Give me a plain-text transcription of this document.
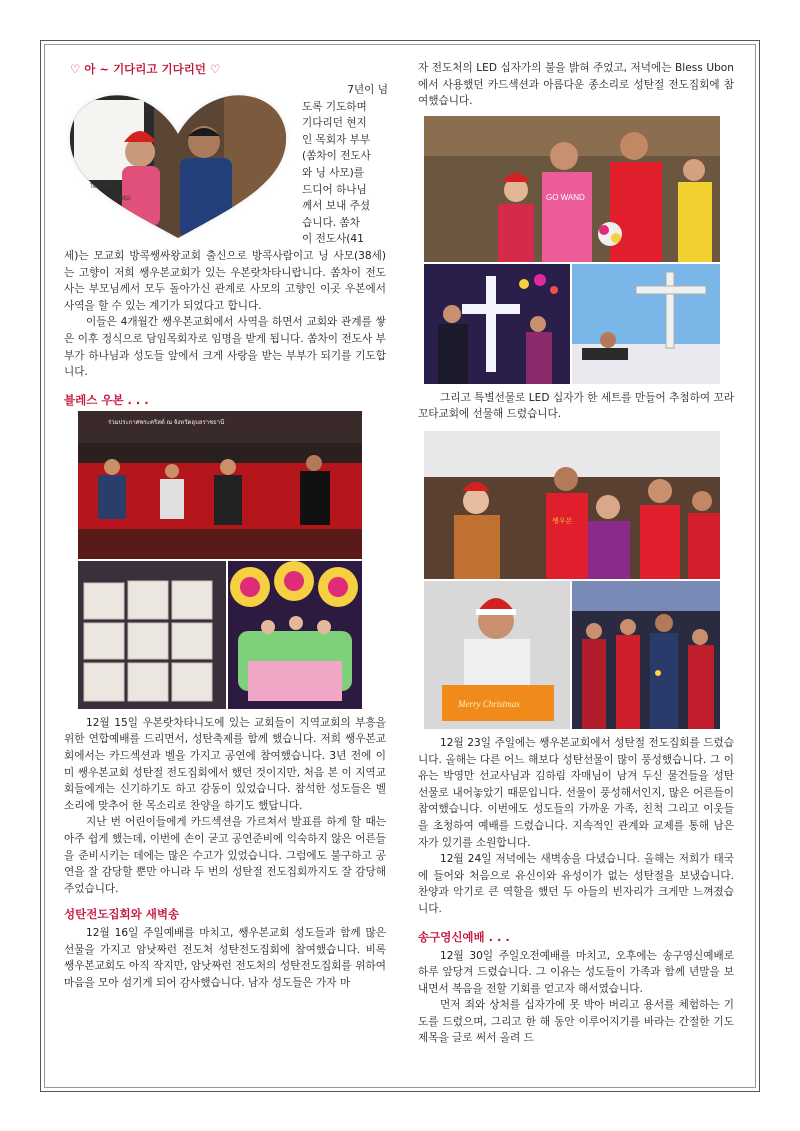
♡ 아 ~ 기다리고 기다리던 ♡

Tel. 085-1
082-
7년이 넘
도록 기도하며
기다리던 현지
인 목회자 부부
(쏨차이 전도사
와 닝 사모)를
드디어 하나님
께서 보내 주셨
습니다. 쏨차
이 전도사(41

세)는 모교회 방콕쌩싸왕교회 출신으로 방콕사람이고 닝 사모(38세)는 고향이 저희 쌩우본교회가 있는 우본랏차타니랍니다. 쏨차이 전도사는 부모님께서 모두 돌아가신 관계로 사모의 고향인 이곳 우본에서 사역을 할 수 있는 계기가 되었다고 합니다.

이들은 4개월간 쌩우본교회에서 사역을 하면서 교회와 관계를 쌓은 이후 정식으로 담임목회자로 임명을 받게 됩니다. 쏨차이 전도사 부부가 하나님과 성도들 앞에서 크게 사랑을 받는 부부가 되기를 기도합니다.

블레스 우본 . . .

ร่วมประกาศพระคริสต์ ณ จังหวัดอุบลราชธานี

12월 15일 우본랏차타니도에 있는 교회들이 지역교회의 부흥을 위한 연합예배를 드리면서, 성탄축제를 함께 했습니다. 저희 쌩우본교회에서는 카드섹션과 벨을 가지고 공연에 참여했습니다. 3년 전에 이미 쌩우본교회 성탄절 전도집회에서 했던 것이지만, 처음 본 이 지역교회들에게는 신기하기도 하고 감동이 있었습니다. 참석한 성도들은 벨 소리에 맞추어 한 목소리로 찬양을 하기도 했답니다.

지난 번 어린이들에게 카드섹션을 가르쳐서 발표를 하게 할 때는 아주 쉽게 했는데, 이번에 손이 굳고 공연준비에 익숙하지 않은 어른들을 준비시키는 데에는 많은 수고가 있었습니다. 그럼에도 불구하고 공연을 잘 감당할 뿐만 아니라 두 번의 성탄절 전도집회까지도 잘 감당해 주었습니다.

성탄전도집회와 새벽송

12월 16일 주일예배를 마치고, 쌩우본교회 성도들과 함께 많은 선물을 가지고 암낫짜런 전도처 성탄전도집회에 참여했습니다. 비록 쌩우본교회도 아직 작지만, 암낫짜런 전도처의 성탄전도집회를 위하여 마음을 모아 섬기게 되어 감사했습니다. 남자 성도들은 가자 마

자 전도처의 LED 십자가의 불을 밝혀 주었고, 저녁에는 Bless Ubon에서 사용했던 카드섹션과 아름다운 종소리로 성탄절 전도집회에 참여했습니다.

GO WAND

그리고 특별선물로 LED 십자가 한 세트를 만들어 추첨하여 꼬라꼬타교회에 선물해 드렸습니다.

쌩우본
Merry Christmas

12월 23일 주일에는 쌩우본교회에서 성탄절 전도집회를 드렸습니다. 올해는 다른 어느 해보다 성탄선물이 많이 풍성했습니다. 그 이유는 박영만 선교사님과 김하림 자매님이 남겨 두신 물건들을 성탄 선물로 내어놓았기 때문입니다. 선물이 풍성해서인지, 많은 어른들이 참여했습니다. 이번에도 성도들의 가까운 가족, 친척 그리고 이웃들을 초청하여 예배를 드렸습니다. 지속적인 관계와 교제를 통해 남은 자가 있기를 소원합니다.

12월 24일 저녁에는 새벽송을 다녔습니다. 올해는 저희가 태국에 들어와 처음으로 유신이와 유성이가 없는 성탄절을 보냈습니다. 찬양과 악기로 큰 역할을 했던 두 아들의 빈자리가 크게만 느껴졌습니다.

송구영신예배 . . .

12월 30일 주일오전예배를 마치고, 오후에는 송구영신예배로 하루 앞당겨 드렸습니다. 그 이유는 성도들이 가족과 함께 년말을 보내면서 복음을 전할 기회를 얻고자 해서였습니다.

먼저 죄와 상처를 십자가에 못 박아 버리고 용서를 체험하는 기도를 드렸으며, 그리고 한 해 동안 이루어지기를 바라는 간절한 기도제목을 글로 써서 올려 드
